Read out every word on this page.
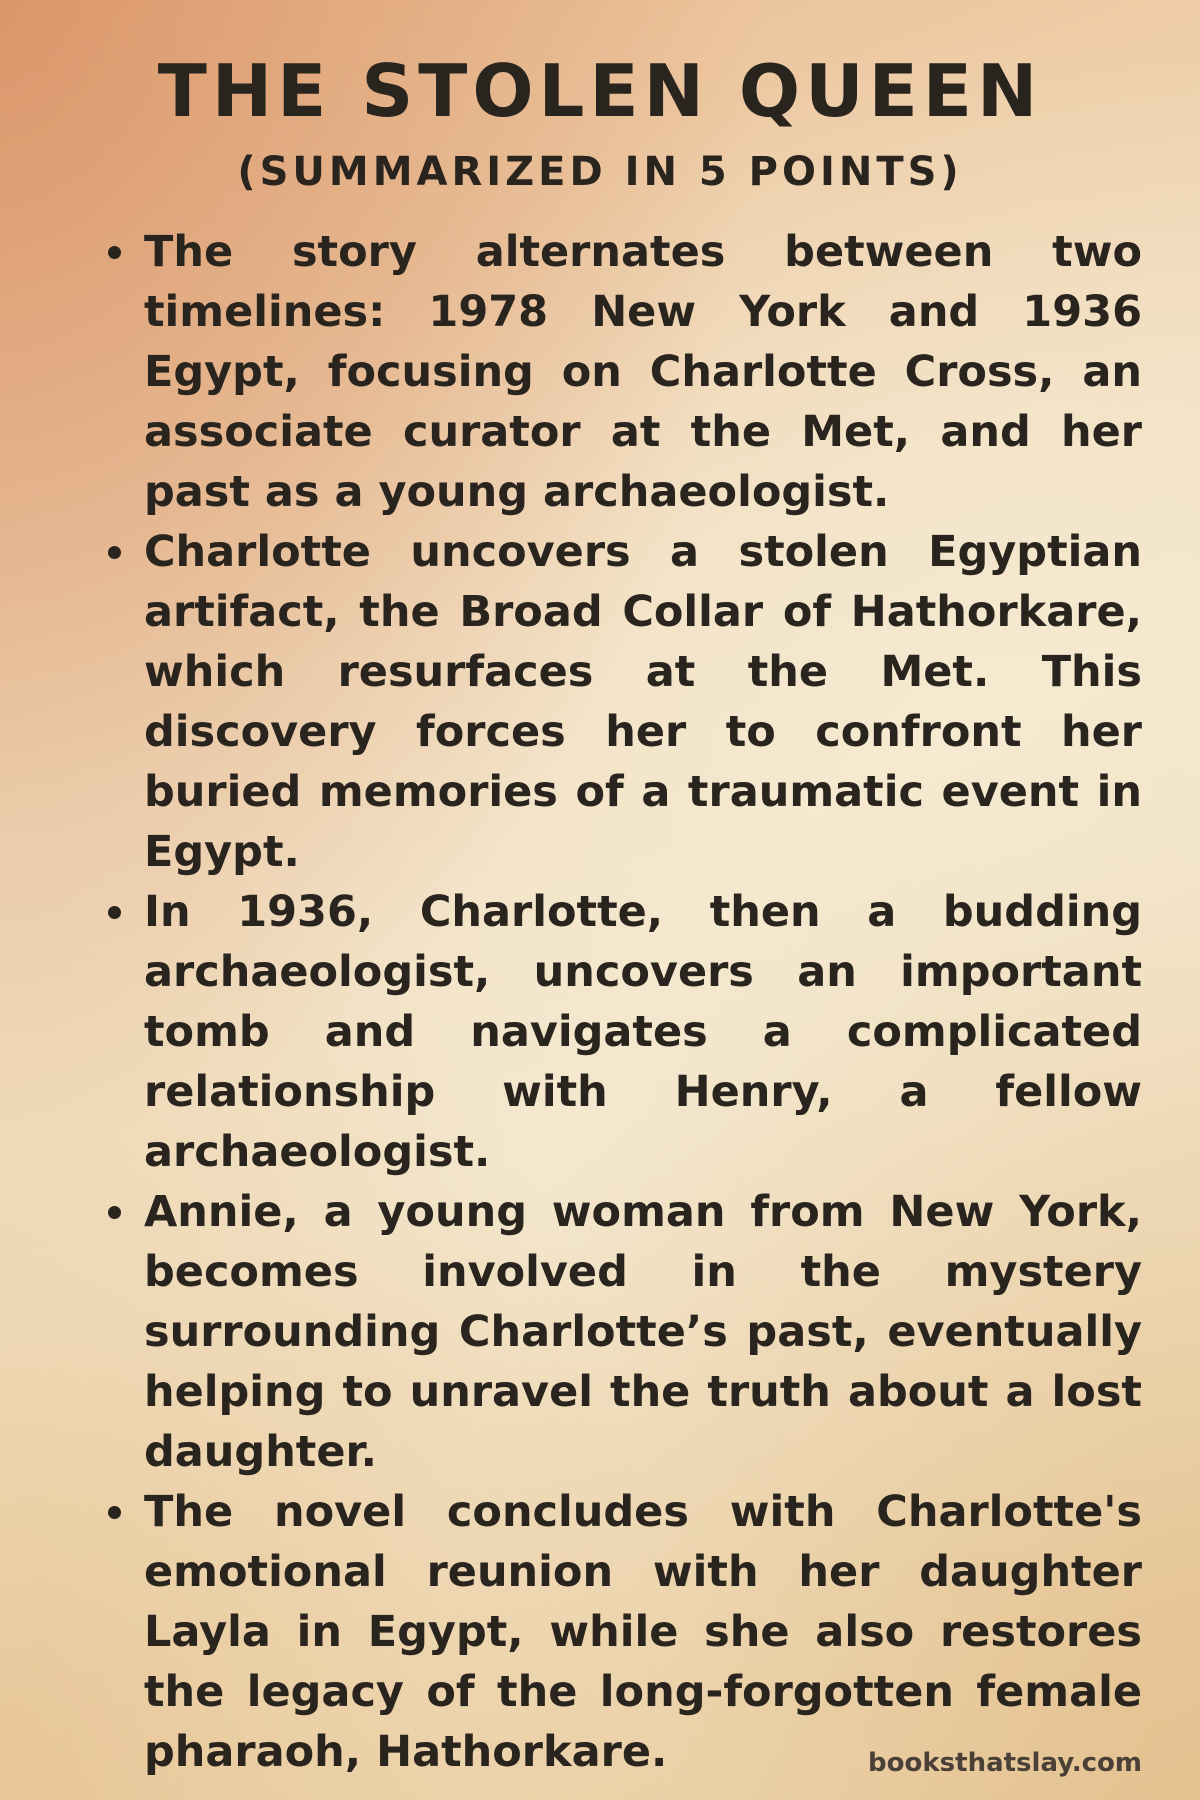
THE STOLEN QUEEN
(SUMMARIZED IN 5 POINTS)
The story alternates between two timelines: 1978 New York and 1936 Egypt, focusing on Charlotte Cross, an associate curator at the Met, and her past as a young archaeologist.
Charlotte uncovers a stolen Egyptian artifact, the Broad Collar of Hathorkare, which resurfaces at the Met. This discovery forces her to confront her buried memories of a traumatic event in Egypt.
In 1936, Charlotte, then a budding archaeologist, uncovers an important tomb and navigates a complicated relationship with Henry, a fellow archaeologist.
Annie, a young woman from New York, becomes involved in the mystery surrounding Charlotte’s past, eventually helping to unravel the truth about a lost daughter.
The novel concludes with Charlotte's emotional reunion with her daughter Layla in Egypt, while she also restores the legacy of the long-forgotten female pharaoh, Hathorkare.	booksthatslay.com
